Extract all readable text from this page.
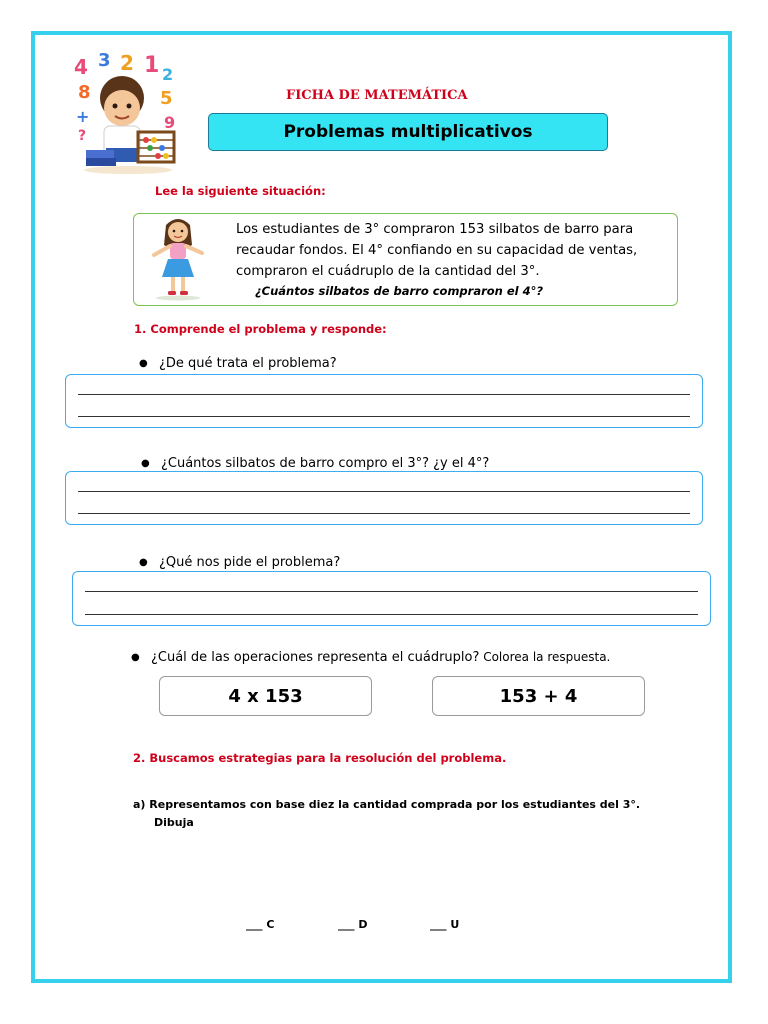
4 3 2 1 2
8	5
9
+
?
FICHA DE MATEMÁTICA
Problemas multiplicativos
Lee la siguiente situación:
Los estudiantes de 3° compraron 153 silbatos de barro para
recaudar fondos. El 4° confiando en su capacidad de ventas,
compraron el cuádruplo de la cantidad del 3°.
¿Cuántos silbatos de barro compraron el 4°?
1. Comprende el problema y responde:
● ¿De qué trata el problema?
● ¿Cuántos silbatos de barro compro el 3°? ¿y el 4°?
● ¿Qué nos pide el problema?
● ¿Cuál de las operaciones representa el cuádruplo? Colorea la respuesta.
4 x 153	153 + 4
2. Buscamos estrategias para la resolución del problema.
a) Representamos con base diez la cantidad comprada por los estudiantes del 3°.
Dibuja
___ C	___ D	___ U
